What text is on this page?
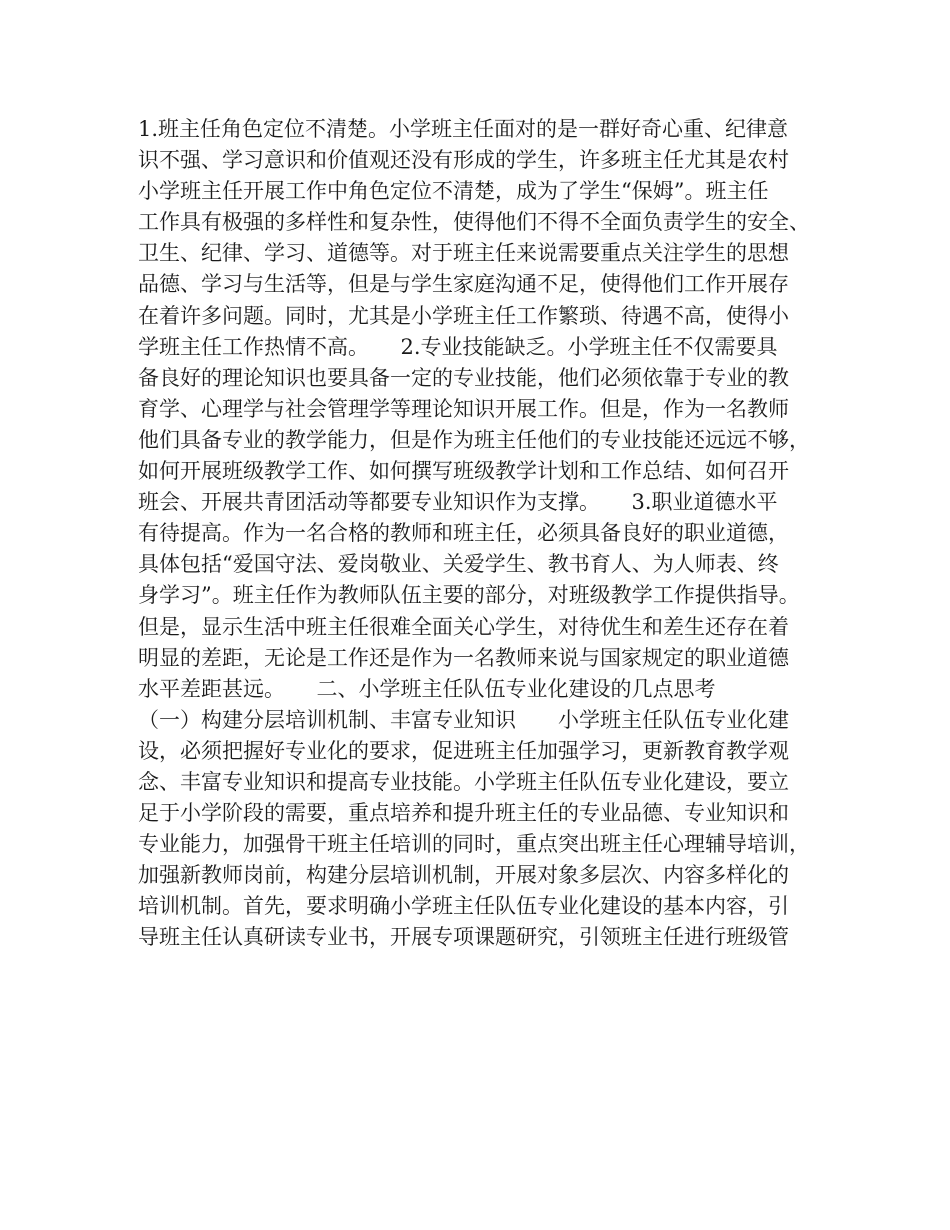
1.班主任角色定位不清楚。小学班主任面对的是一群好奇心重、纪律意
识不强、学习意识和价值观还没有形成的学生，许多班主任尤其是农村
小学班主任开展工作中角色定位不清楚，成为了学生“保姆”。班主任
工作具有极强的多样性和复杂性，使得他们不得不全面负责学生的安全、
卫生、纪律、学习、道德等。对于班主任来说需要重点关注学生的思想
品德、学习与生活等，但是与学生家庭沟通不足，使得他们工作开展存
在着许多问题。同时，尤其是小学班主任工作繁琐、待遇不高，使得小
学班主任工作热情不高。　　2.专业技能缺乏。小学班主任不仅需要具
备良好的理论知识也要具备一定的专业技能，他们必须依靠于专业的教
育学、心理学与社会管理学等理论知识开展工作。但是，作为一名教师
他们具备专业的教学能力，但是作为班主任他们的专业技能还远远不够，
如何开展班级教学工作、如何撰写班级教学计划和工作总结、如何召开
班会、开展共青团活动等都要专业知识作为支撑。　　3.职业道德水平
有待提高。作为一名合格的教师和班主任，必须具备良好的职业道德，
具体包括“爱国守法、爱岗敬业、关爱学生、教书育人、为人师表、终
身学习”。班主任作为教师队伍主要的部分，对班级教学工作提供指导。
但是，显示生活中班主任很难全面关心学生，对待优生和差生还存在着
明显的差距，无论是工作还是作为一名教师来说与国家规定的职业道德
水平差距甚远。　　二、小学班主任队伍专业化建设的几点思考
（一）构建分层培训机制、丰富专业知识　　小学班主任队伍专业化建
设，必须把握好专业化的要求，促进班主任加强学习，更新教育教学观
念、丰富专业知识和提高专业技能。小学班主任队伍专业化建设，要立
足于小学阶段的需要，重点培养和提升班主任的专业品德、专业知识和
专业能力，加强骨干班主任培训的同时，重点突出班主任心理辅导培训，
加强新教师岗前，构建分层培训机制，开展对象多层次、内容多样化的
培训机制。首先，要求明确小学班主任队伍专业化建设的基本内容，引
导班主任认真研读专业书，开展专项课题研究，引领班主任进行班级管
